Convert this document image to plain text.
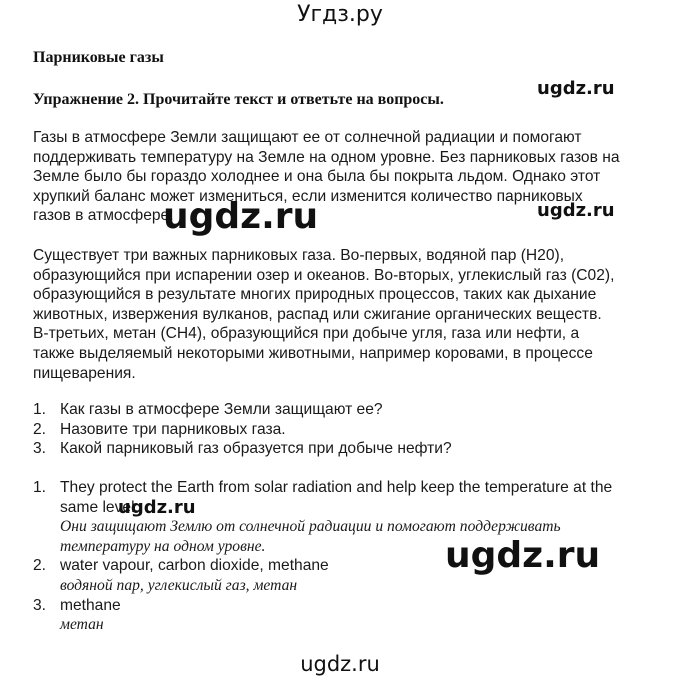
Угдз.ру
Парниковые газы
ugdz.ru
Упражнение 2. Прочитайте текст и ответьте на вопросы.
Газы в атмосфере Земли защищают ее от солнечной радиации и помогают
поддерживать температуру на Земле на одном уровне. Без парниковых газов на
Земле было бы гораздо холоднее и она была бы покрыта льдом. Однако этот
хрупкий баланс может измениться, если изменится количество парниковых
газов в атмосфере.	ugdz.ru
ugdz.ru
Существует три важных парниковых газа. Во-первых, водяной пар (Н20),
образующийся при испарении озер и океанов. Во-вторых, углекислый газ (С02),
образующийся в результате многих природных процессов, таких как дыхание
животных, извержения вулканов, распад или сжигание органических веществ.
В-третьих, метан (СН4), образующийся при добыче угля, газа или нефти, а
также выделяемый некоторыми животными, например коровами, в процессе
пищеварения.
1. Как газы в атмосфере Земли защищают ее?
2. Назовите три парниковых газа.
3. Какой парниковый газ образуется при добыче нефти?
1. They protect the Earth from solar radiation and help keep the temperature at the
same level.
Они защищают Землю от солнечной радиации и помогают поддерживать
температуру на одном уровне.
2. water vapour, carbon dioxide, methane
водяной пар, углекислый газ, метан
3. methane
метан
ugdz.ru
ugdz.ru
ugdz.ru
